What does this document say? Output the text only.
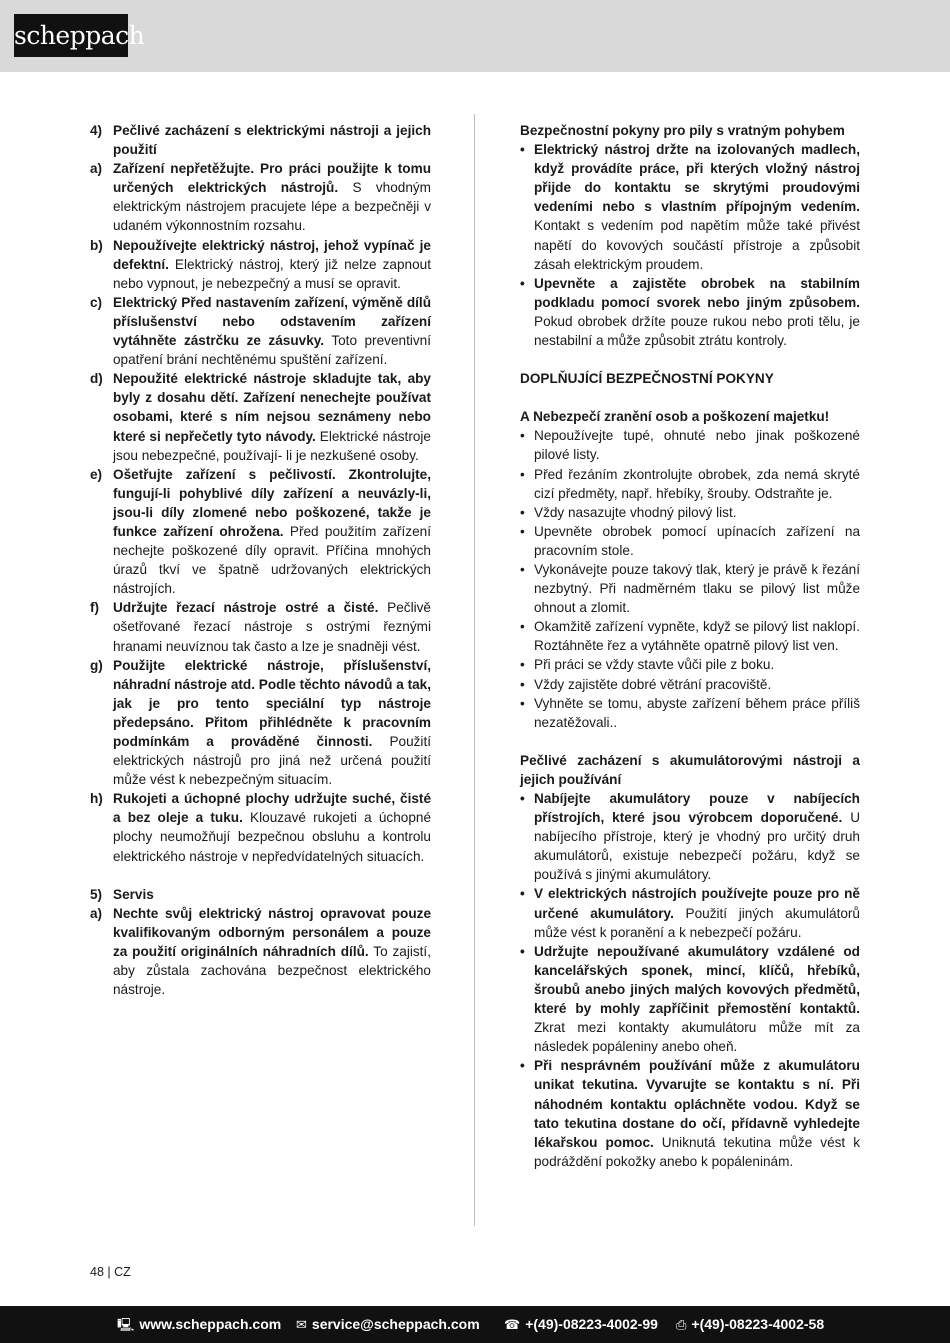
scheppach
4) Pečlivé zacházení s elektrickými nástroji a jejich použití
a) Zařízení nepřetěžujte. Pro práci použijte k tomu určených elektrických nástrojů. S vhodným elektrickým nástrojem pracujete lépe a bezpečněji v udaném výkonnostním rozsahu.
b) Nepoužívejte elektrický nástroj, jehož vypínač je defektní. Elektrický nástroj, který již nelze zapnout nebo vypnout, je nebezpečný a musí se opravit.
c) Elektrický Před nastavením zařízení, výměně dílů příslušenství nebo odstavením zařízení vytáhněte zástrčku ze zásuvky. Toto preventivní opatření brání nechtěnému spuštění zařízení.
d) Nepoužité elektrické nástroje skladujte tak, aby byly z dosahu dětí. Zařízení nenechejte používat osobami, které s ním nejsou seznámeny nebo které si nepřečetly tyto návody. Elektrické nástroje jsou nebezpečné, používají- li je nezkušené osoby.
e) Ošetřujte zařízení s pečlivostí. Zkontrolujte, fungují-li pohyblivé díly zařízení a neuvázly-li, jsou-li díly zlomené nebo poškozené, takže je funkce zařízení ohrožena. Před použitím zařízení nechejte poškozené díly opravit. Příčina mnohých úrazů tkví ve špatně udržovaných elektrických nástrojích.
f)	Udržujte řezací nástroje ostré a čisté. Pečlivě ošetřované řezací nástroje s ostrými řeznými hranami neuvíznou tak často a lze je snadněji vést.
g) Použijte elektrické nástroje, příslušenství, náhradní nástroje atd. Podle těchto návodů a tak, jak je pro tento speciální typ nástroje předepsáno. Přitom přihlédněte k pracovním podmínkám a prováděné činnosti. Použití elektrických nástrojů pro jiná než určená použití může vést k nebezpečným situacím.
h) Rukojeti a úchopné plochy udržujte suché, čisté a bez oleje a tuku. Klouzavé rukojeti a úchopné plochy neumožňují bezpečnou obsluhu a kontrolu elektrického nástroje v nepředvídatelných situacích.
5) Servis
a) Nechte svůj elektrický nástroj opravovat pouze kvalifikovaným odborným personálem a pouze za použití originálních náhradních dílů. To zajistí, aby zůstala zachována bezpečnost elektrického nástroje.

Bezpečnostní pokyny pro pily s vratným pohybem

• Elektrický nástroj držte na izolovaných madlech, když provádíte práce, při kterých vložný nástroj přijde do kontaktu se skrytými proudovými vedeními nebo s vlastním přípojným vedením. Kontakt s vedením pod napětím může také přivést napětí do kovových součástí přístroje a způsobit zásah elektrickým proudem.
• Upevněte a zajistěte obrobek na stabilním podkladu pomocí svorek nebo jiným způsobem. Pokud obrobek držíte pouze rukou nebo proti tělu, je nestabilní a může způsobit ztrátu kontroly.

DOPLŇUJÍCÍ BEZPEČNOSTNÍ POKYNY

A Nebezpečí zranění osob a poškození majetku!

• Nepoužívejte tupé, ohnuté nebo jinak poškozené pilové listy.
• Před řezáním zkontrolujte obrobek, zda nemá skryté cizí předměty, např. hřebíky, šrouby. Odstraňte je.
• Vždy nasazujte vhodný pilový list.
• Upevněte obrobek pomocí upínacích zařízení na pracovním stole.
• Vykonávejte pouze takový tlak, který je právě k řezání nezbytný. Při nadměrném tlaku se pilový list může ohnout a zlomit.
• Okamžitě zařízení vypněte, když se pilový list naklopí. Roztáhněte řez a vytáhněte opatrně pilový list ven.
• Při práci se vždy stavte vůči pile z boku.
• Vždy zajistěte dobré větrání pracoviště.
• Vyhněte se tomu, abyste zařízení během práce příliš nezatěžovali..

Pečlivé zacházení s akumulátorovými nástroji a jejich používání

• Nabíjejte akumulátory pouze v nabíjecích přístrojích, které jsou výrobcem doporučené. U nabíjecího přístroje, který je vhodný pro určitý druh akumulátorů, existuje nebezpečí požáru, když se používá s jinými akumulátory.
• V elektrických nástrojích používejte pouze pro ně určené akumulátory. Použití jiných akumulátorů může vést k poranění a k nebezpečí požáru.
• Udržujte nepoužívané akumulátory vzdálené od kancelářských sponek, mincí, klíčů, hřebíků, šroubů anebo jiných malých kovových předmětů, které by mohly zapříčinit přemostění kontaktů. Zkrat mezi kontakty akumulátoru může mít za následek popáleniny anebo oheň.
• Při nesprávném používání může z akumulátoru unikat tekutina. Vyvarujte se kontaktu s ní. Při náhodném kontaktu opláchněte vodou. Když se tato tekutina dostane do očí, přídavně vyhledejte lékařskou pomoc. Uniknutá tekutina může vést k podráždění pokožky anebo k popáleninám.
48 | CZ
🖳 www.scheppach.com ✉ service@scheppach.com ☎ +(49)-08223-4002-99 ⎙ +(49)-08223-4002-58
